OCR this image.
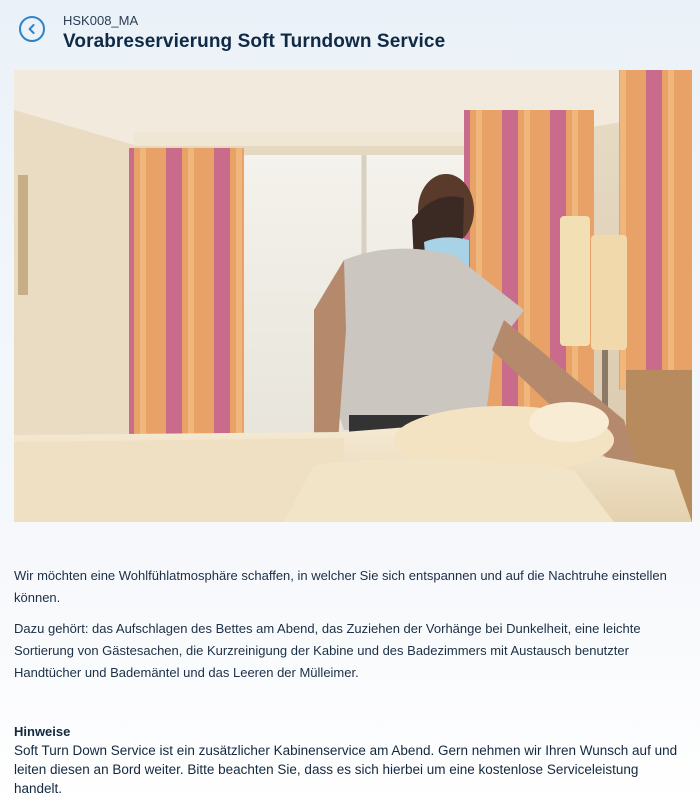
HSK008_MA
Vorabreservierung Soft Turndown Service

Wir möchten eine Wohlfühlatmosphäre schaffen, in welcher Sie sich entspannen und auf die Nachtruhe einstellen können.

Dazu gehört: das Aufschlagen des Bettes am Abend, das Zuziehen der Vorhänge bei Dunkelheit, eine leichte Sortierung von Gästesachen, die Kurzreinigung der Kabine und des Badezimmers mit Austausch benutzter Handtücher und Bademäntel und das Leeren der Mülleimer.

Hinweise
Soft Turn Down Service ist ein zusätzlicher Kabinenservice am Abend. Gern nehmen wir Ihren Wunsch auf und leiten diesen an Bord weiter. Bitte beachten Sie, dass es sich hierbei um eine kostenlose Serviceleistung handelt.
